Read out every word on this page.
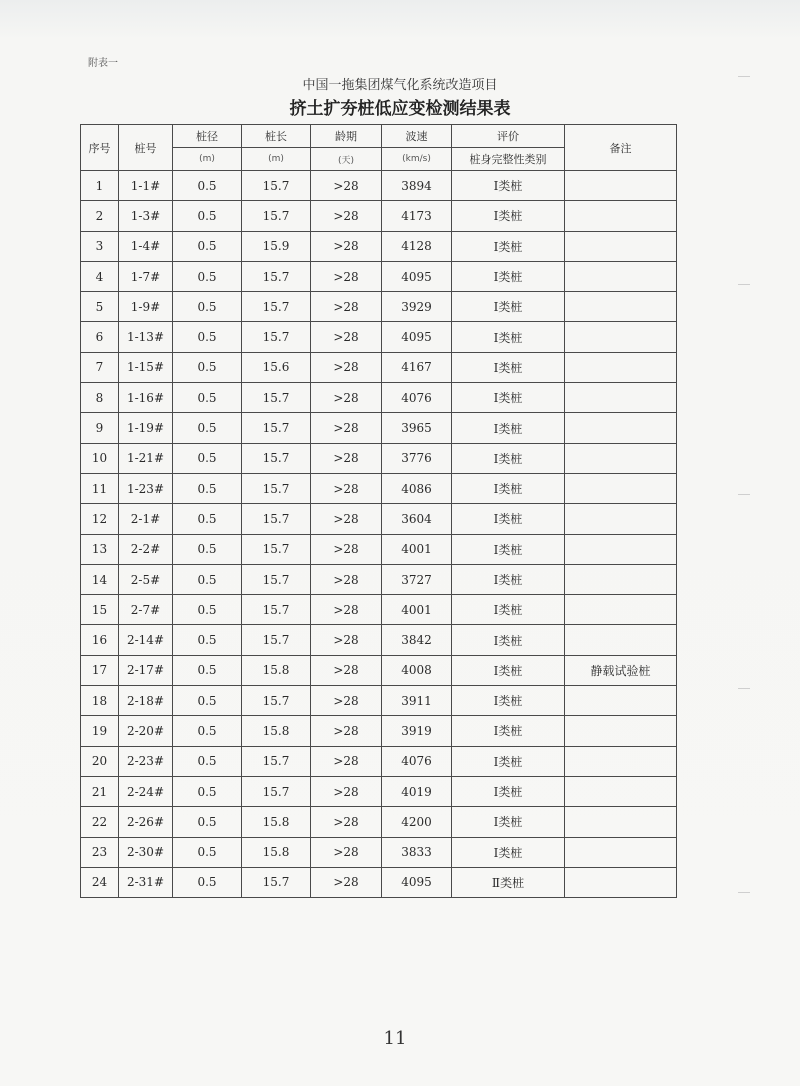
附表一
中国一拖集团煤气化系统改造项目
挤土扩夯桩低应变检测结果表
序号	桩号	桩径	桩长	龄期	波速	评价	备注
		(m)	(m)	(天)	(km/s)	桩身完整性类别	
1	1-1#	0.5	15.7	>28	3894	Ⅰ类桩	
2	1-3#	0.5	15.7	>28	4173	Ⅰ类桩	
3	1-4#	0.5	15.9	>28	4128	Ⅰ类桩	
4	1-7#	0.5	15.7	>28	4095	Ⅰ类桩	
5	1-9#	0.5	15.7	>28	3929	Ⅰ类桩	
6	1-13#	0.5	15.7	>28	4095	Ⅰ类桩	
7	1-15#	0.5	15.6	>28	4167	Ⅰ类桩	
8	1-16#	0.5	15.7	>28	4076	Ⅰ类桩	
9	1-19#	0.5	15.7	>28	3965	Ⅰ类桩	
10	1-21#	0.5	15.7	>28	3776	Ⅰ类桩	
11	1-23#	0.5	15.7	>28	4086	Ⅰ类桩	
12	2-1#	0.5	15.7	>28	3604	Ⅰ类桩	
13	2-2#	0.5	15.7	>28	4001	Ⅰ类桩	
14	2-5#	0.5	15.7	>28	3727	Ⅰ类桩	
15	2-7#	0.5	15.7	>28	4001	Ⅰ类桩	
16	2-14#	0.5	15.7	>28	3842	Ⅰ类桩	
17	2-17#	0.5	15.8	>28	4008	Ⅰ类桩	静载试验桩
18	2-18#	0.5	15.7	>28	3911	Ⅰ类桩	
19	2-20#	0.5	15.8	>28	3919	Ⅰ类桩	
20	2-23#	0.5	15.7	>28	4076	Ⅰ类桩	
21	2-24#	0.5	15.7	>28	4019	Ⅰ类桩	
22	2-26#	0.5	15.8	>28	4200	Ⅰ类桩	
23	2-30#	0.5	15.8	>28	3833	Ⅰ类桩	
24	2-31#	0.5	15.7	>28	4095	Ⅱ类桩	
11
